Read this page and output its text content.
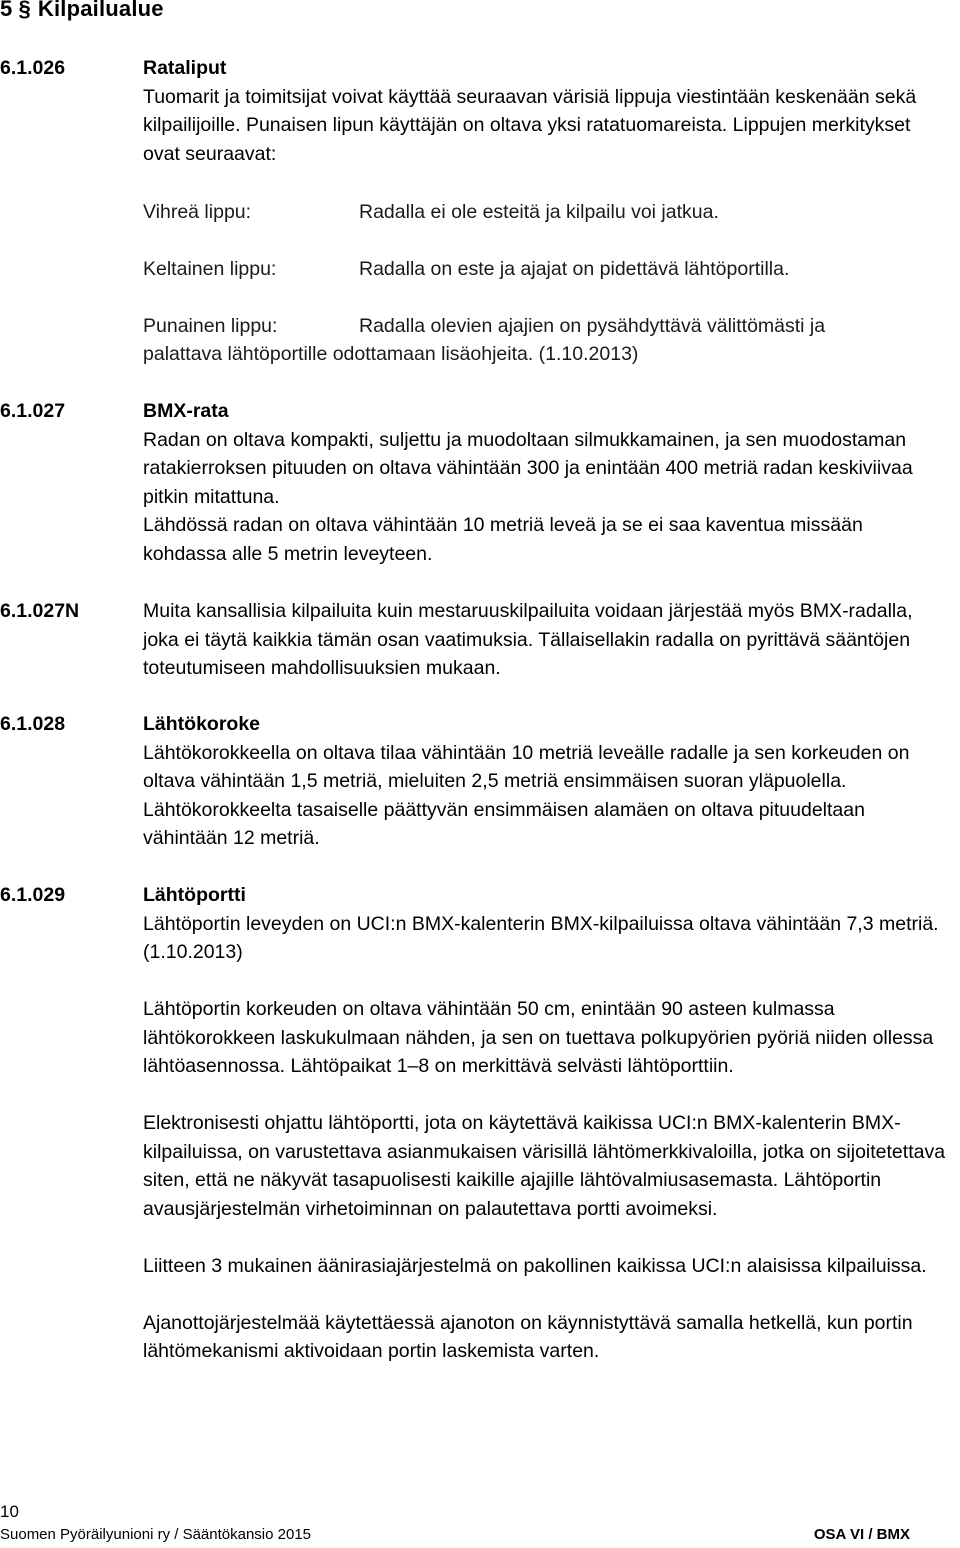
5 § Kilpailualue
6.1.026	Rataliput

Tuomarit ja toimitsijat voivat käyttää seuraavan värisiä lippuja viestintään keskenään sekä kilpailijoille. Punaisen lipun käyttäjän on oltava yksi ratatuomareista. Lippujen merkitykset ovat seuraavat:

Vihreä lippu:	Radalla ei ole esteitä ja kilpailu voi jatkua.
Keltainen lippu:	Radalla on este ja ajajat on pidettävä lähtöportilla.
Punainen lippu:	Radalla olevien ajajien on pysähdyttävä välittömästi ja
palattava lähtöportille odottamaan lisäohjeita. (1.10.2013)
6.1.027	BMX-rata

Radan on oltava kompakti, suljettu ja muodoltaan silmukkamainen, ja sen muodostaman ratakierroksen pituuden on oltava vähintään 300 ja enintään 400 metriä radan keskiviivaa pitkin mitattuna.

Lähdössä radan on oltava vähintään 10 metriä leveä ja se ei saa kaventua missään kohdassa alle 5 metrin leveyteen.

6.1.027N	Muita kansallisia kilpailuita kuin mestaruuskilpailuita voidaan järjestää myös BMX-radalla, joka ei täytä kaikkia tämän osan vaatimuksia. Tällaisellakin radalla on pyrittävä sääntöjen toteutumiseen mahdollisuuksien mukaan.

6.1.028	Lähtökoroke

Lähtökorokkeella on oltava tilaa vähintään 10 metriä leveälle radalle ja sen korkeuden on oltava vähintään 1,5 metriä, mieluiten 2,5 metriä ensimmäisen suoran yläpuolella. Lähtökorokkeelta tasaiselle päättyvän ensimmäisen alamäen on oltava pituudeltaan vähintään 12 metriä.

6.1.029	Lähtöportti

Lähtöportin leveyden on UCI:n BMX-kalenterin BMX-kilpailuissa oltava vähintään 7,3 metriä. (1.10.2013)

Lähtöportin korkeuden on oltava vähintään 50 cm, enintään 90 asteen kulmassa lähtökorokkeen laskukulmaan nähden, ja sen on tuettava polkupyörien pyöriä niiden ollessa lähtöasennossa. Lähtöpaikat 1–8 on merkittävä selvästi lähtöporttiin.

Elektronisesti ohjattu lähtöportti, jota on käytettävä kaikissa UCI:n BMX-kalenterin BMX-kilpailuissa, on varustettava asianmukaisen värisillä lähtömerkkivaloilla, jotka on sijoitetettava siten, että ne näkyvät tasapuolisesti kaikille ajajille lähtövalmiusasemasta. Lähtöportin avausjärjestelmän virhetoiminnan on palautettava portti avoimeksi.

Liitteen 3 mukainen äänirasiajärjestelmä on pakollinen kaikissa UCI:n alaisissa kilpailuissa.

Ajanottojärjestelmää käytettäessä ajanoton on käynnistyttävä samalla hetkellä, kun portin lähtömekanismi aktivoidaan portin laskemista varten.

10
Suomen Pyöräilyunioni ry / Sääntökansio 2015	OSA VI / BMX
